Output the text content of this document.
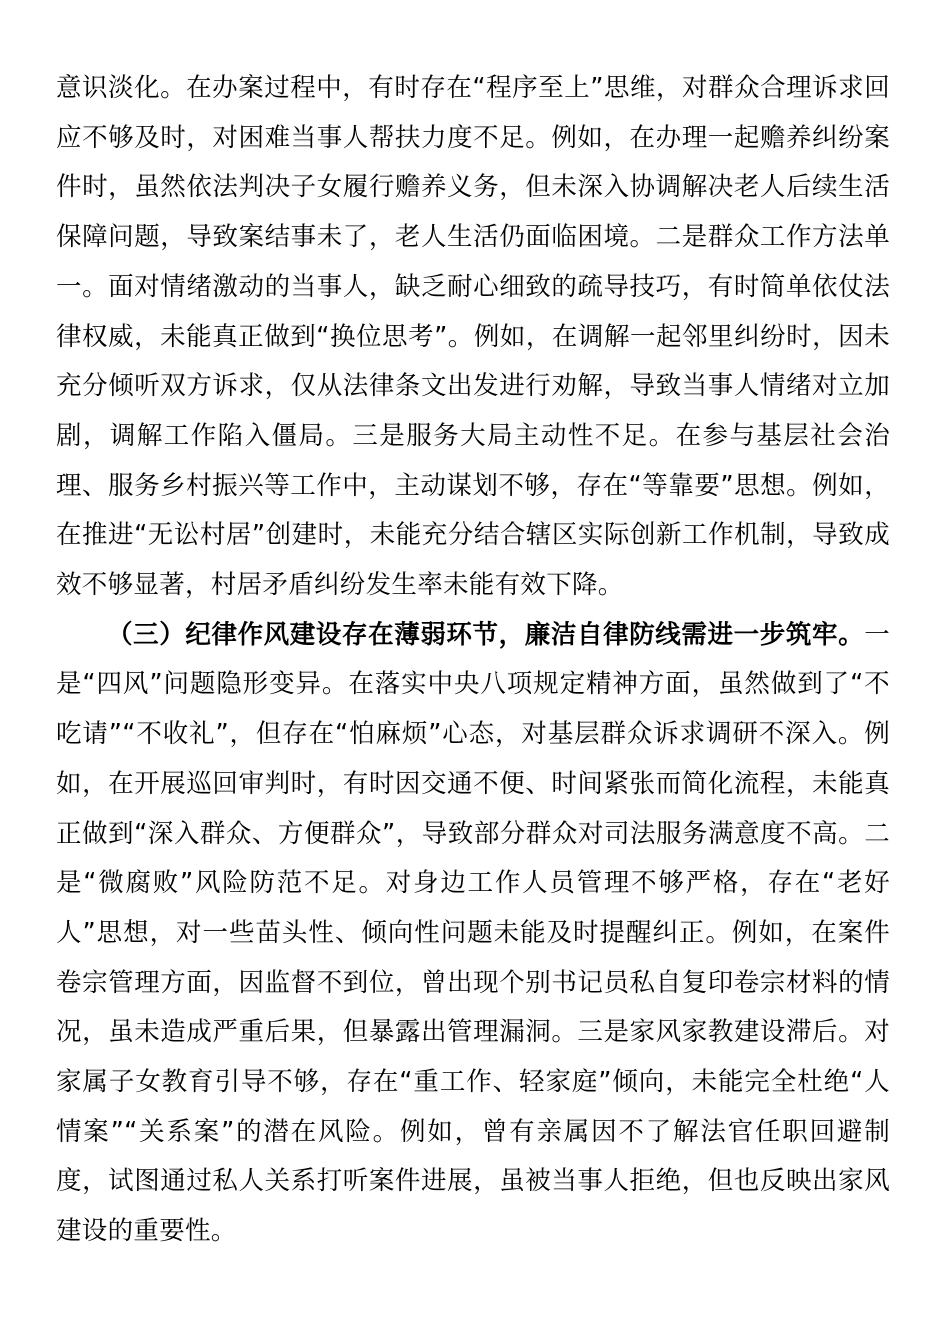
意识淡化。在办案过程中，有时存在“程序至上”思维，对群众合理诉求回应不够及时，对困难当事人帮扶力度不足。例如，在办理一起赡养纠纷案件时，虽然依法判决子女履行赡养义务，但未深入协调解决老人后续生活保障问题，导致案结事未了，老人生活仍面临困境。二是群众工作方法单一。面对情绪激动的当事人，缺乏耐心细致的疏导技巧，有时简单依仗法律权威，未能真正做到“换位思考”。例如，在调解一起邻里纠纷时，因未充分倾听双方诉求，仅从法律条文出发进行劝解，导致当事人情绪对立加剧，调解工作陷入僵局。三是服务大局主动性不足。在参与基层社会治理、服务乡村振兴等工作中，主动谋划不够，存在“等靠要”思想。例如，在推进“无讼村居”创建时，未能充分结合辖区实际创新工作机制，导致成效不够显著，村居矛盾纠纷发生率未能有效下降。

（三）纪律作风建设存在薄弱环节，廉洁自律防线需进一步筑牢。一是“四风”问题隐形变异。在落实中央八项规定精神方面，虽然做到了“不吃请”“不收礼”，但存在“怕麻烦”心态，对基层群众诉求调研不深入。例如，在开展巡回审判时，有时因交通不便、时间紧张而简化流程，未能真正做到“深入群众、方便群众”，导致部分群众对司法服务满意度不高。二是“微腐败”风险防范不足。对身边工作人员管理不够严格，存在“老好人”思想，对一些苗头性、倾向性问题未能及时提醒纠正。例如，在案件卷宗管理方面，因监督不到位，曾出现个别书记员私自复印卷宗材料的情况，虽未造成严重后果，但暴露出管理漏洞。三是家风家教建设滞后。对家属子女教育引导不够，存在“重工作、轻家庭”倾向，未能完全杜绝“人情案”“关系案”的潜在风险。例如，曾有亲属因不了解法官任职回避制度，试图通过私人关系打听案件进展，虽被当事人拒绝，但也反映出家风建设的重要性。
